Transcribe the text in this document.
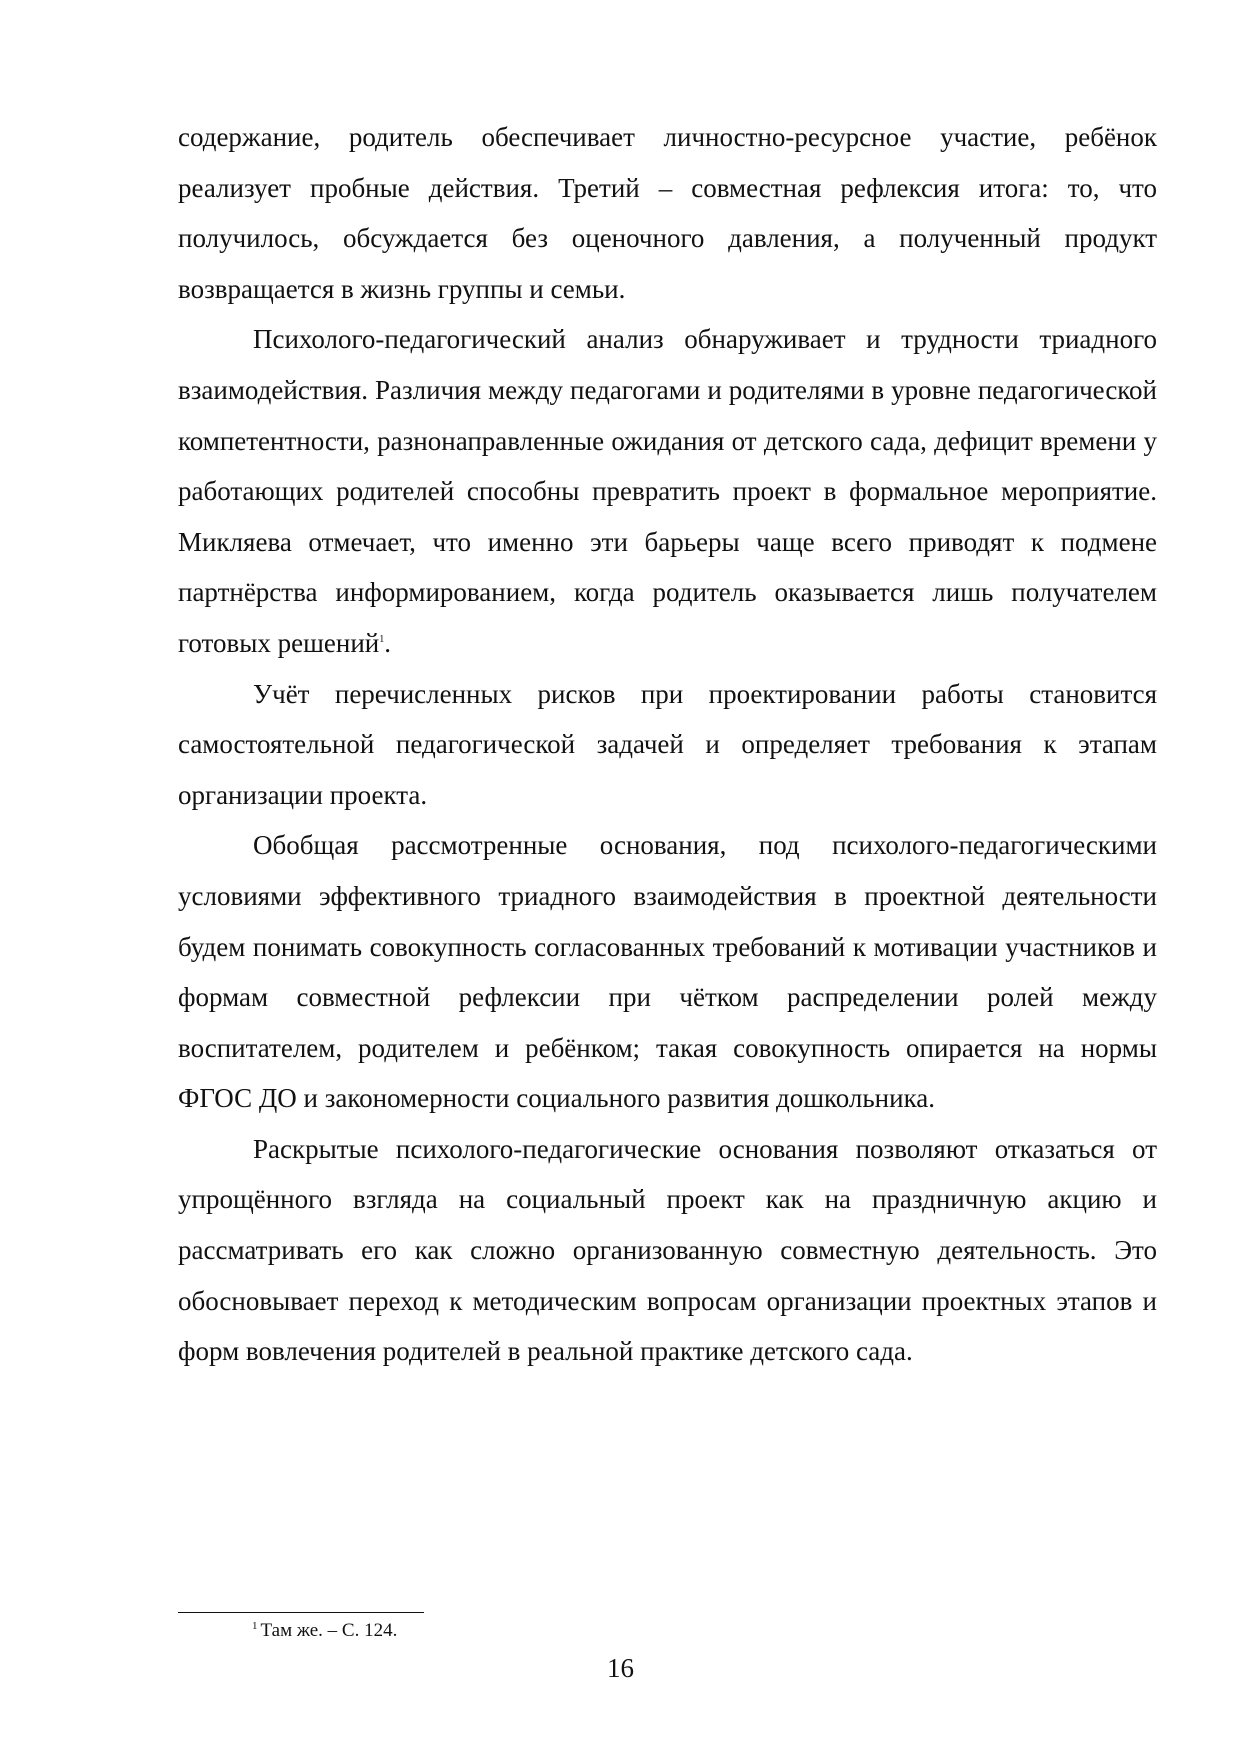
содержание, родитель обеспечивает личностно-ресурсное участие, ребёнок реализует пробные действия. Третий – совместная рефлексия итога: то, что получилось, обсуждается без оценочного давления, а полученный продукт возвращается в жизнь группы и семьи.

Психолого-педагогический анализ обнаруживает и трудности триадного взаимодействия. Различия между педагогами и родителями в уровне педагогической компетентности, разнонаправленные ожидания от детского сада, дефицит времени у работающих родителей способны превратить проект в формальное мероприятие. Микляева отмечает, что именно эти барьеры чаще всего приводят к подмене партнёрства информированием, когда родитель оказывается лишь получателем готовых решений$^1$.

Учёт перечисленных рисков при проектировании работы становится самостоятельной педагогической задачей и определяет требования к этапам организации проекта.

Обобщая рассмотренные основания, под психолого-педагогическими условиями эффективного триадного взаимодействия в проектной деятельности будем понимать совокупность согласованных требований к мотивации участников и формам совместной рефлексии при чётком распределении ролей между воспитателем, родителем и ребёнком; такая совокупность опирается на нормы ФГОС ДО и закономерности социального развития дошкольника.

Раскрытые психолого-педагогические основания позволяют отказаться от упрощённого взгляда на социальный проект как на праздничную акцию и рассматривать его как сложно организованную совместную деятельность. Это обосновывает переход к методическим вопросам организации проектных этапов и форм вовлечения родителей в реальной практике детского сада.

$^1$ Там же. – С. 124.
16
